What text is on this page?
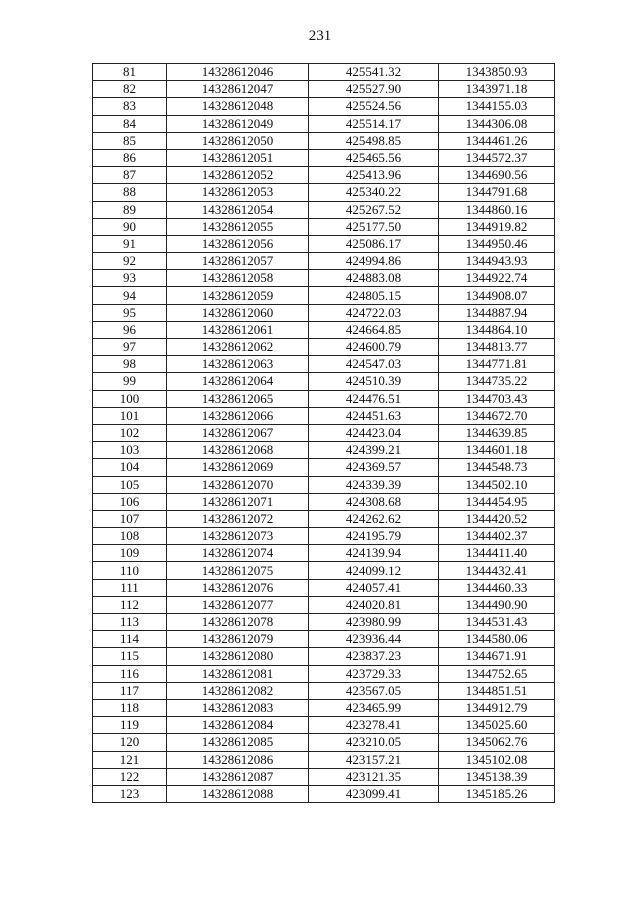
231
81	14328612046	425541.32	1343850.93
82	14328612047	425527.90	1343971.18
83	14328612048	425524.56	1344155.03
84	14328612049	425514.17	1344306.08
85	14328612050	425498.85	1344461.26
86	14328612051	425465.56	1344572.37
87	14328612052	425413.96	1344690.56
88	14328612053	425340.22	1344791.68
89	14328612054	425267.52	1344860.16
90	14328612055	425177.50	1344919.82
91	14328612056	425086.17	1344950.46
92	14328612057	424994.86	1344943.93
93	14328612058	424883.08	1344922.74
94	14328612059	424805.15	1344908.07
95	14328612060	424722.03	1344887.94
96	14328612061	424664.85	1344864.10
97	14328612062	424600.79	1344813.77
98	14328612063	424547.03	1344771.81
99	14328612064	424510.39	1344735.22
100	14328612065	424476.51	1344703.43
101	14328612066	424451.63	1344672.70
102	14328612067	424423.04	1344639.85
103	14328612068	424399.21	1344601.18
104	14328612069	424369.57	1344548.73
105	14328612070	424339.39	1344502.10
106	14328612071	424308.68	1344454.95
107	14328612072	424262.62	1344420.52
108	14328612073	424195.79	1344402.37
109	14328612074	424139.94	1344411.40
110	14328612075	424099.12	1344432.41
111	14328612076	424057.41	1344460.33
112	14328612077	424020.81	1344490.90
113	14328612078	423980.99	1344531.43
114	14328612079	423936.44	1344580.06
115	14328612080	423837.23	1344671.91
116	14328612081	423729.33	1344752.65
117	14328612082	423567.05	1344851.51
118	14328612083	423465.99	1344912.79
119	14328612084	423278.41	1345025.60
120	14328612085	423210.05	1345062.76
121	14328612086	423157.21	1345102.08
122	14328612087	423121.35	1345138.39
123	14328612088	423099.41	1345185.26
